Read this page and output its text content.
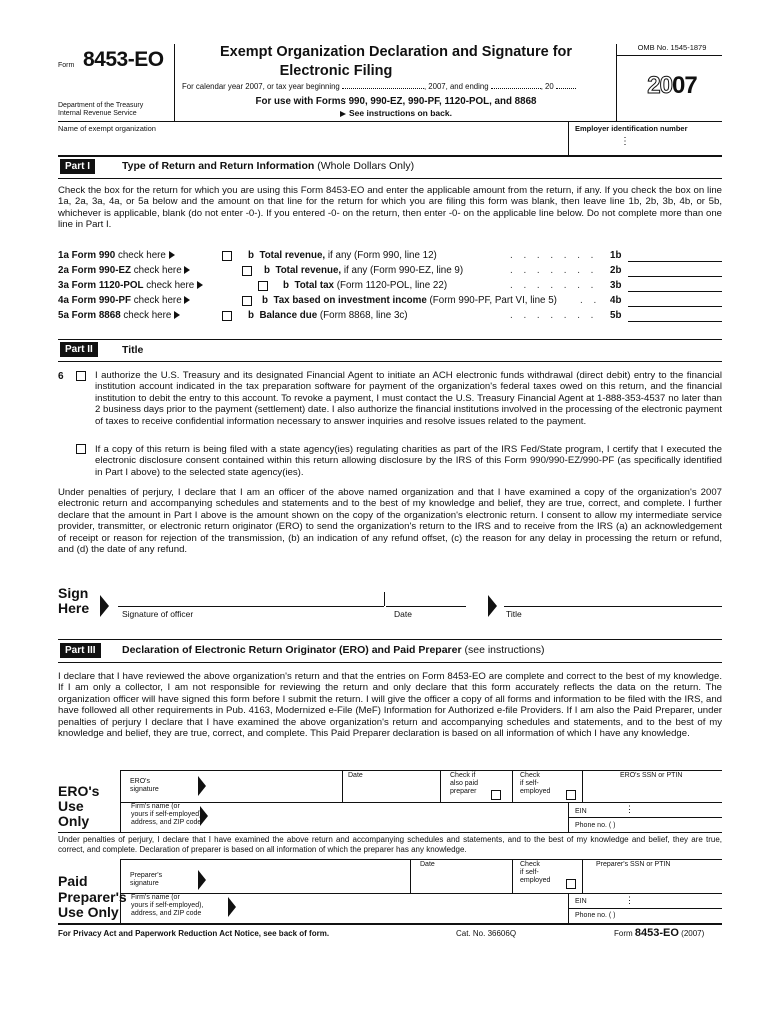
Form 8453-EO
Department of the Treasury
Internal Revenue Service
Exempt Organization Declaration and Signature for
Electronic Filing
For calendar year 2007, or tax year beginning	, 2007, and ending	, 20
For use with Forms 990, 990-EZ, 990-PF, 1120-POL, and 8868
See instructions on back.
OMB No. 1545-1879
2007
Name of exempt organization	Employer identification number
⋮
Part I	Type of Return and Return Information (Whole Dollars Only)
Check the box for the return for which you are using this Form 8453-EO and enter the applicable amount from the return, if any. If you check the box on line 1a, 2a, 3a, 4a, or 5a below and the amount on that line for the return for which you are filing this form was blank, then leave line 1b, 2b, 3b, 4b, or 5b, whichever is applicable, blank (do not enter -0-). If you entered -0- on the return, then enter -0- on the applicable line below. Do not complete more than one line in Part I.
1a Form 990 check here	b Total revenue, if any (Form 990, line 12)	. . . . . . . 1b
2a Form 990-EZ check here	b Total revenue, if any (Form 990-EZ, line 9)	. . . . . . . 2b
3a Form 1120-POL check here	b Total tax (Form 1120-POL, line 22)	. . . . . . . 3b
4a Form 990-PF check here	b Tax based on investment income (Form 990-PF, Part VI, line 5) . . 4b
5a Form 8868 check here	b Balance due (Form 8868, line 3c)	. . . . . . . 5b
Part II	Title
6	I authorize the U.S. Treasury and its designated Financial Agent to initiate an ACH electronic funds withdrawal (direct debit) entry to the financial institution account indicated in the tax preparation software for payment of the organization's federal taxes owed on this return, and the financial institution to debit the entry to this account. To revoke a payment, I must contact the U.S. Treasury Financial Agent at 1-888-353-4537 no later than 2 business days prior to the payment (settlement) date. I also authorize the financial institutions involved in the processing of the electronic payment of taxes to receive confidential information necessary to answer inquiries and resolve issues related to the payment.
If a copy of this return is being filed with a state agency(ies) regulating charities as part of the IRS Fed/State program, I certify that I executed the electronic disclosure consent contained within this return allowing disclosure by the IRS of this Form 990/990-EZ/990-PF (as specifically identified in Part I above) to the selected state agency(ies).
Under penalties of perjury, I declare that I am an officer of the above named organization and that I have examined a copy of the organization's 2007 electronic return and accompanying schedules and statements and to the best of my knowledge and belief, they are true, correct, and complete. I further declare that the amount in Part I above is the amount shown on the copy of the organization's electronic return. I consent to allow my intermediate service provider, transmitter, or electronic return originator (ERO) to send the organization's return to the IRS and to receive from the IRS (a) an acknowledgement of receipt or reason for rejection of the transmission, (b) an indication of any refund offset, (c) the reason for any delay in processing the return or refund, and (d) the date of any refund.
Sign
Here	Signature of officer	Date	Title
Part III	Declaration of Electronic Return Originator (ERO) and Paid Preparer (see instructions)
I declare that I have reviewed the above organization's return and that the entries on Form 8453-EO are complete and correct to the best of my knowledge. If I am only a collector, I am not responsible for reviewing the return and only declare that this form accurately reflects the data on the return. The organization officer will have signed this form before I submit the return. I will give the officer a copy of all forms and information to be filed with the IRS, and have followed all other requirements in Pub. 4163, Modernized e-File (MeF) Information for Authorized e-file Providers. If I am also the Paid Preparer, under penalties of perjury I declare that I have examined the above organization's return and accompanying schedules and statements, and to the best of my knowledge and belief, they are true, correct, and complete. This Paid Preparer declaration is based on all information of which I have any knowledge.
ERO's
Use
Only
ERO's
signature
Date	Check if
also paid
preparer
Check
if self-
employed
ERO's SSN or PTIN
Firm's name (or
yours if self-employed),
address, and ZIP code
EIN	⋮
Phone no. ( )
Under penalties of perjury, I declare that I have examined the above return and accompanying schedules and statements, and to the best of my knowledge and belief, they are true, correct, and complete. Declaration of preparer is based on all information of which the preparer has any knowledge.
Paid
Preparer's
Use Only
Preparer's
signature
Date	Check
if self-
employed
Preparer's SSN or PTIN
Firm's name (or
yours if self-employed),
address, and ZIP code
EIN	⋮
Phone no. ( )
For Privacy Act and Paperwork Reduction Act Notice, see back of form.	Cat. No. 36606Q	Form 8453-EO (2007)
